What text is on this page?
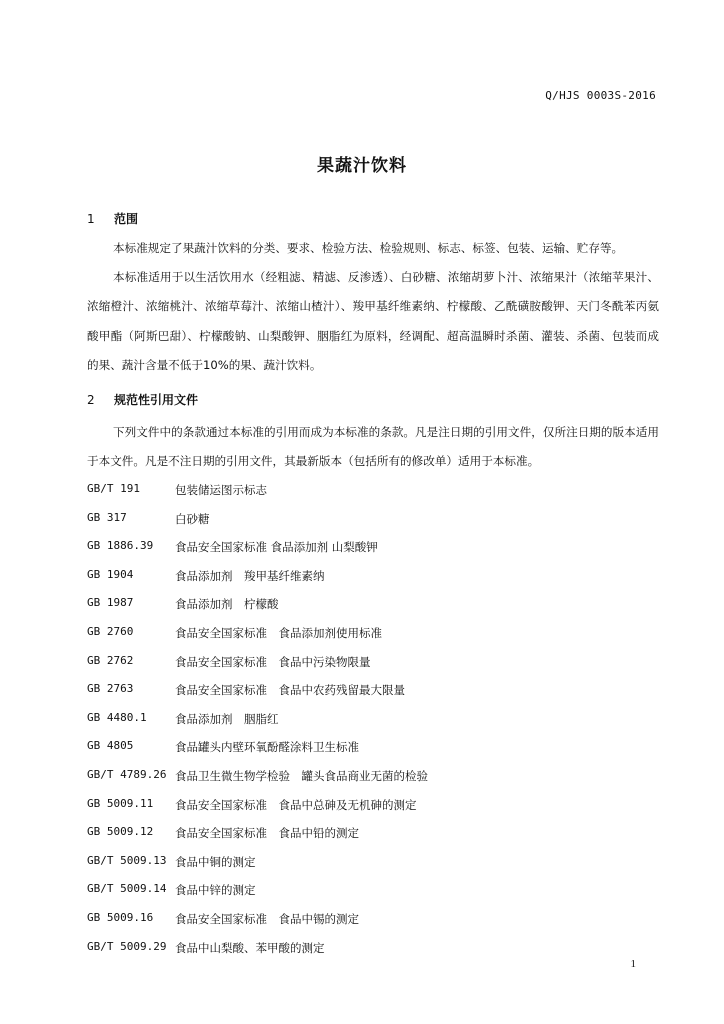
Q/HJS 0003S-2016
果蔬汁饮料
1 范围
本标准规定了果蔬汁饮料的分类、要求、检验方法、检验规则、标志、标签、包装、运输、贮存等。
本标准适用于以生活饮用水（经粗滤、精滤、反渗透）、白砂糖、浓缩胡萝卜汁、浓缩果汁（浓缩苹果汁、浓缩橙汁、浓缩桃汁、浓缩草莓汁、浓缩山楂汁）、羧甲基纤维素纳、柠檬酸、乙酰磺胺酸钾、天门冬酰苯丙氨酸甲酯（阿斯巴甜）、柠檬酸钠、山梨酸钾、胭脂红为原料，经调配、超高温瞬时杀菌、灌装、杀菌、包装而成的果、蔬汁含量不低于10%的果、蔬汁饮料。
2 规范性引用文件
下列文件中的条款通过本标准的引用而成为本标准的条款。凡是注日期的引用文件，仅所注日期的版本适用于本文件。凡是不注日期的引用文件，其最新版本（包括所有的修改单）适用于本标准。
GB/T 191	包装储运图示标志
GB 317	白砂糖
GB 1886.39	食品安全国家标准 食品添加剂 山梨酸钾
GB 1904	食品添加剂　羧甲基纤维素纳
GB 1987	食品添加剂　柠檬酸
GB 2760	食品安全国家标准　食品添加剂使用标准
GB 2762	食品安全国家标准　食品中污染物限量
GB 2763	食品安全国家标准　食品中农药残留最大限量
GB 4480.1	食品添加剂　胭脂红
GB 4805	食品罐头内壁环氧酚醛涂料卫生标准
GB/T 4789.26 食品卫生微生物学检验　罐头食品商业无菌的检验
GB 5009.11	食品安全国家标准　食品中总砷及无机砷的测定
GB 5009.12	食品安全国家标准　食品中铅的测定
GB/T 5009.13 食品中铜的测定
GB/T 5009.14 食品中锌的测定
GB 5009.16	食品安全国家标准　食品中锡的测定
GB/T 5009.29 食品中山梨酸、苯甲酸的测定
1
